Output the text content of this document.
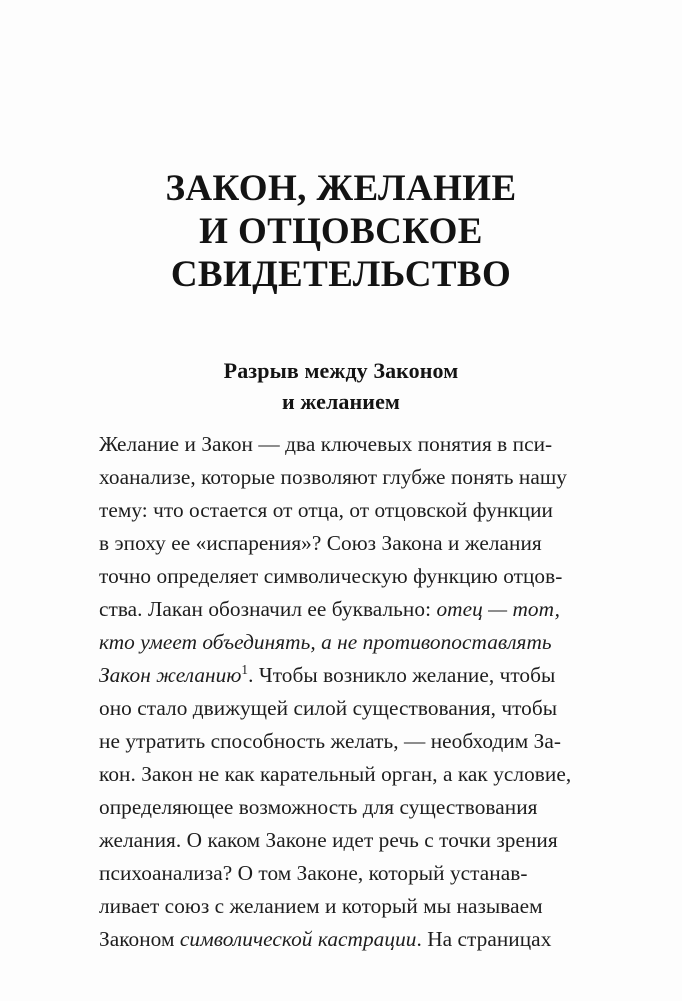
ЗАКОН, ЖЕЛАНИЕ
И ОТЦОВСКОЕ
СВИДЕТЕЛЬСТВО
Разрыв между Законом
и желанием
Желание и Закон — два ключевых понятия в пси-
хоанализе, которые позволяют глубже понять нашу
тему: что остается от отца, от отцовской функции
в эпоху ее «испарения»? Союз Закона и желания
точно определяет символическую функцию отцов-
ства. Лакан обозначил ее буквально: отец — тот,
кто умеет объединять, а не противопоставлять
Закон желанию$^1$. Чтобы возникло желание, чтобы
оно стало движущей силой существования, чтобы
не утратить способность желать, — необходим За-
кон. Закон не как карательный орган, а как условие,
определяющее возможность для существования
желания. О каком Законе идет речь с точки зрения
психоанализа? О том Законе, который устанав-
ливает союз с желанием и который мы называем
Законом символической кастрации. На страницах
